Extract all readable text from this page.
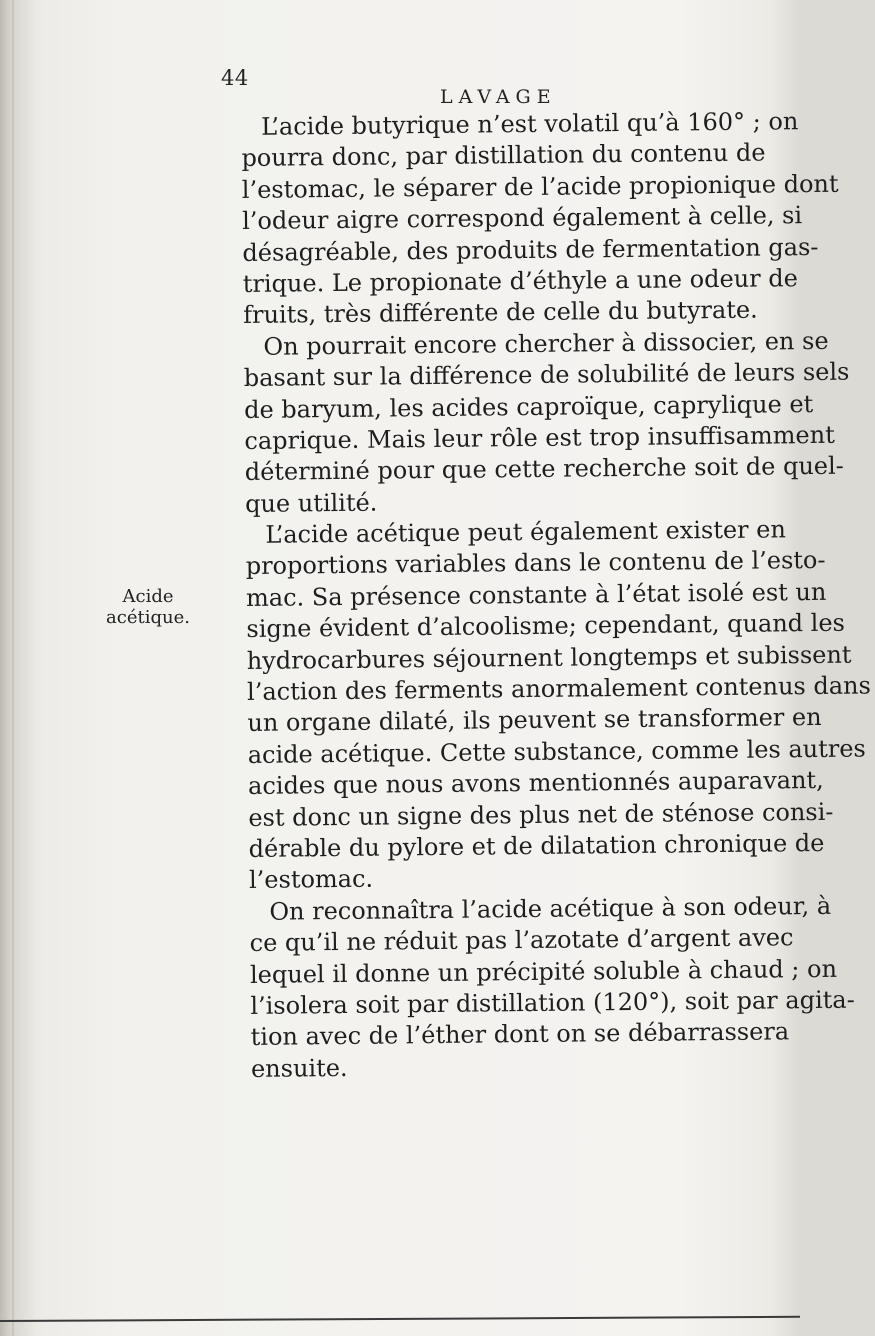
44
LAVAGE
Acide
acétique.
L’acide butyrique n’est volatil qu’à 160° ; on
pourra donc, par distillation du contenu de
l’estomac, le séparer de l’acide propionique dont
l’odeur aigre correspond également à celle, si
désagréable, des produits de fermentation gas-
trique. Le propionate d’éthyle a une odeur de
fruits, très différente de celle du butyrate.
On pourrait encore chercher à dissocier, en se
basant sur la différence de solubilité de leurs sels
de baryum, les acides caproïque, caprylique et
caprique. Mais leur rôle est trop insuffisamment
déterminé pour que cette recherche soit de quel-
que utilité.
L’acide acétique peut également exister en
proportions variables dans le contenu de l’esto-
mac. Sa présence constante à l’état isolé est un
signe évident d’alcoolisme; cependant, quand les
hydrocarbures séjournent longtemps et subissent
l’action des ferments anormalement contenus dans
un organe dilaté, ils peuvent se transformer en
acide acétique. Cette substance, comme les autres
acides que nous avons mentionnés auparavant,
est donc un signe des plus net de sténose consi-
dérable du pylore et de dilatation chronique de
l’estomac.
On reconnaîtra l’acide acétique à son odeur, à
ce qu’il ne réduit pas l’azotate d’argent avec
lequel il donne un précipité soluble à chaud ; on
l’isolera soit par distillation (120°), soit par agita-
tion avec de l’éther dont on se débarrassera
ensuite.
